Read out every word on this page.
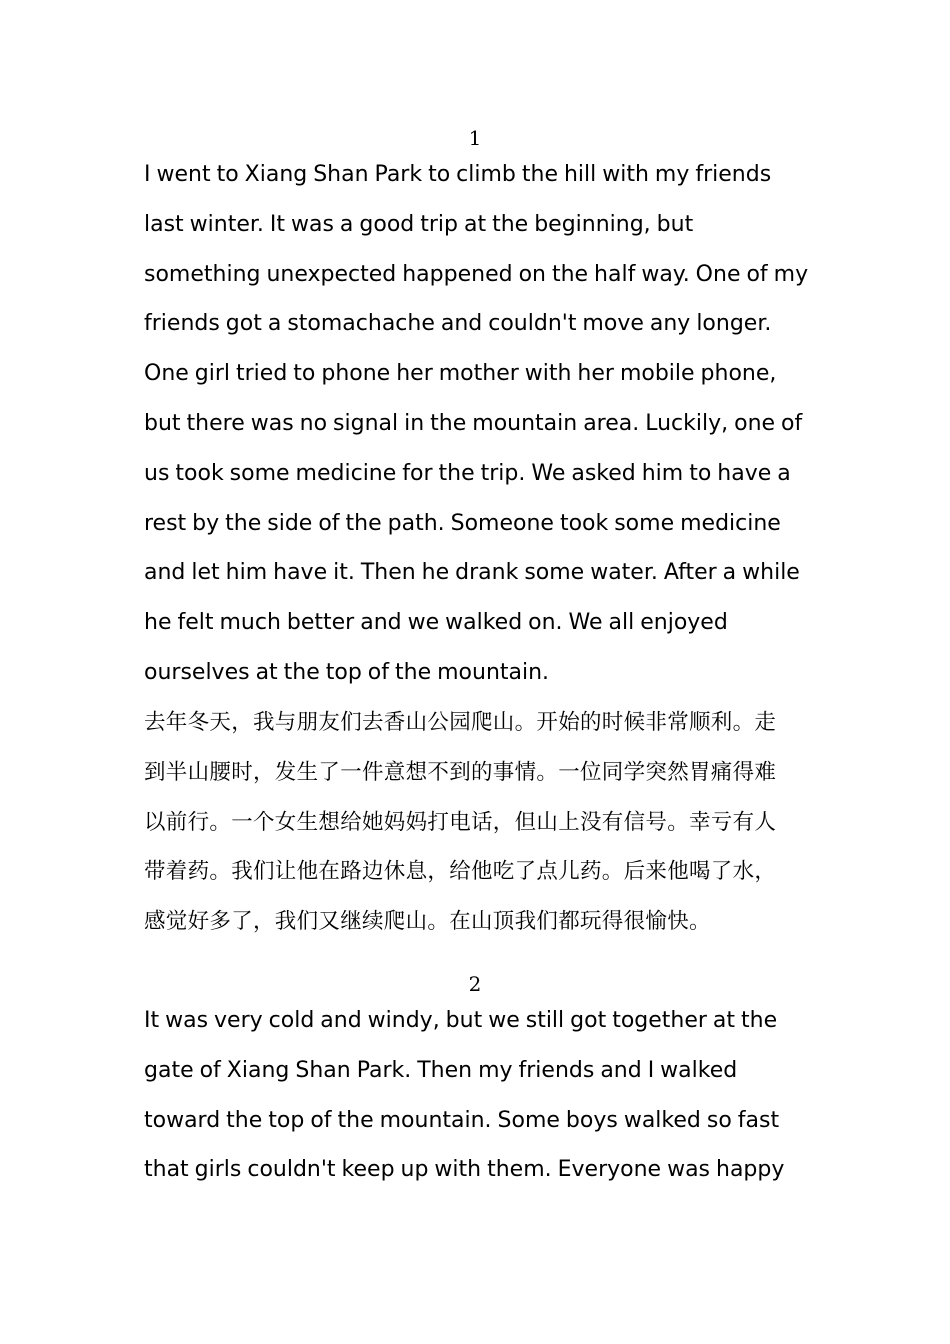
1

I went to Xiang Shan Park to climb the hill with my friends
last winter. It was a good trip at the beginning, but
something unexpected happened on the half way. One of my
friends got a stomachache and couldn't move any longer.
One girl tried to phone her mother with her mobile phone,
but there was no signal in the mountain area. Luckily, one of
us took some medicine for the trip. We asked him to have a
rest by the side of the path. Someone took some medicine
and let him have it. Then he drank some water. After a while
he felt much better and we walked on. We all enjoyed
ourselves at the top of the mountain.

去年冬天，我与朋友们去香山公园爬山。开始的时候非常顺利。走
到半山腰时，发生了一件意想不到的事情。一位同学突然胃痛得难
以前行。一个女生想给她妈妈打电话，但山上没有信号。幸亏有人
带着药。我们让他在路边休息，给他吃了点儿药。后来他喝了水，
感觉好多了，我们又继续爬山。在山顶我们都玩得很愉快。

2

It was very cold and windy, but we still got together at the
gate of Xiang Shan Park. Then my friends and I walked
toward the top of the mountain. Some boys walked so fast
that girls couldn't keep up with them. Everyone was happy
